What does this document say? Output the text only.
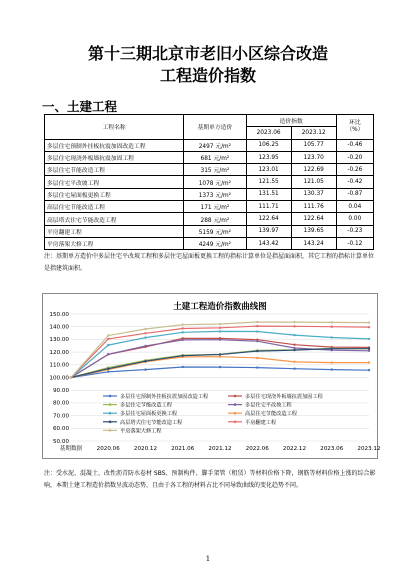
第十三期北京市老旧小区综合改造
工程造价指数
一、土建工程
工程名称	基期单方造价	造价指数		环比
（%）
		2023.06	2023.12	
多层住宅预制外挂板抗震加固改造工程	2497 元/m²	106.25	105.77	-0.46
多层住宅现浇外板墙抗震加固工程	681 元/m²	123.95	123.70	-0.20
多层住宅节能改造工程	315 元/m²	123.01	122.69	-0.26
多层住宅平改坡工程	1078 元/m²	121.55	121.05	-0.42
多层住宅屋面板更换工程	1373 元/m²	131.51	130.37	-0.87
高层住宅节能改造工程	171 元/m²	111.71	111.76	0.04
高层塔式住宅节能改造工程	288 元/m²	122.64	122.64	0.00
平房翻建工程	5159 元/m²	139.97	139.65	-0.23
平房落架大修工程	4249 元/m²	143.42	143.24	-0.12
注：基期单方造价中多层住宅平改坡工程和多层住宅屋面板更换工程的指标计算单位是指屋面面积，其它工程的指标计算单位是指建筑面积。
土建工程造价指数曲线图
50.00
60.00
70.00
80.00
90.00
100.00
110.00
120.00
130.00
140.00
150.00
基期数据	2020.06	2020.12	2021.06	2021.12	2022.06	2022.12	2023.06	2023.12
多层住宅预制外挂板抗震加固改造工程	多层住宅现浇外板墙抗震加固工程
多层住宅节能改造工程	多层住宅平改坡工程
多层住宅屋面板更换工程	高层住宅节能改造工程
高层塔式住宅节能改造工程	平房翻建工程
平房落架大修工程
注：受水泥、混凝土、改性沥青防水卷材 SBS、预制构件、脚手架管（租赁）等材料价格下降，钢筋等材料价格上涨的综合影响，本期土建工程造价指数呈波动态势，且由于各工程的材料占比不同导致曲线的变化趋势不同。
1
